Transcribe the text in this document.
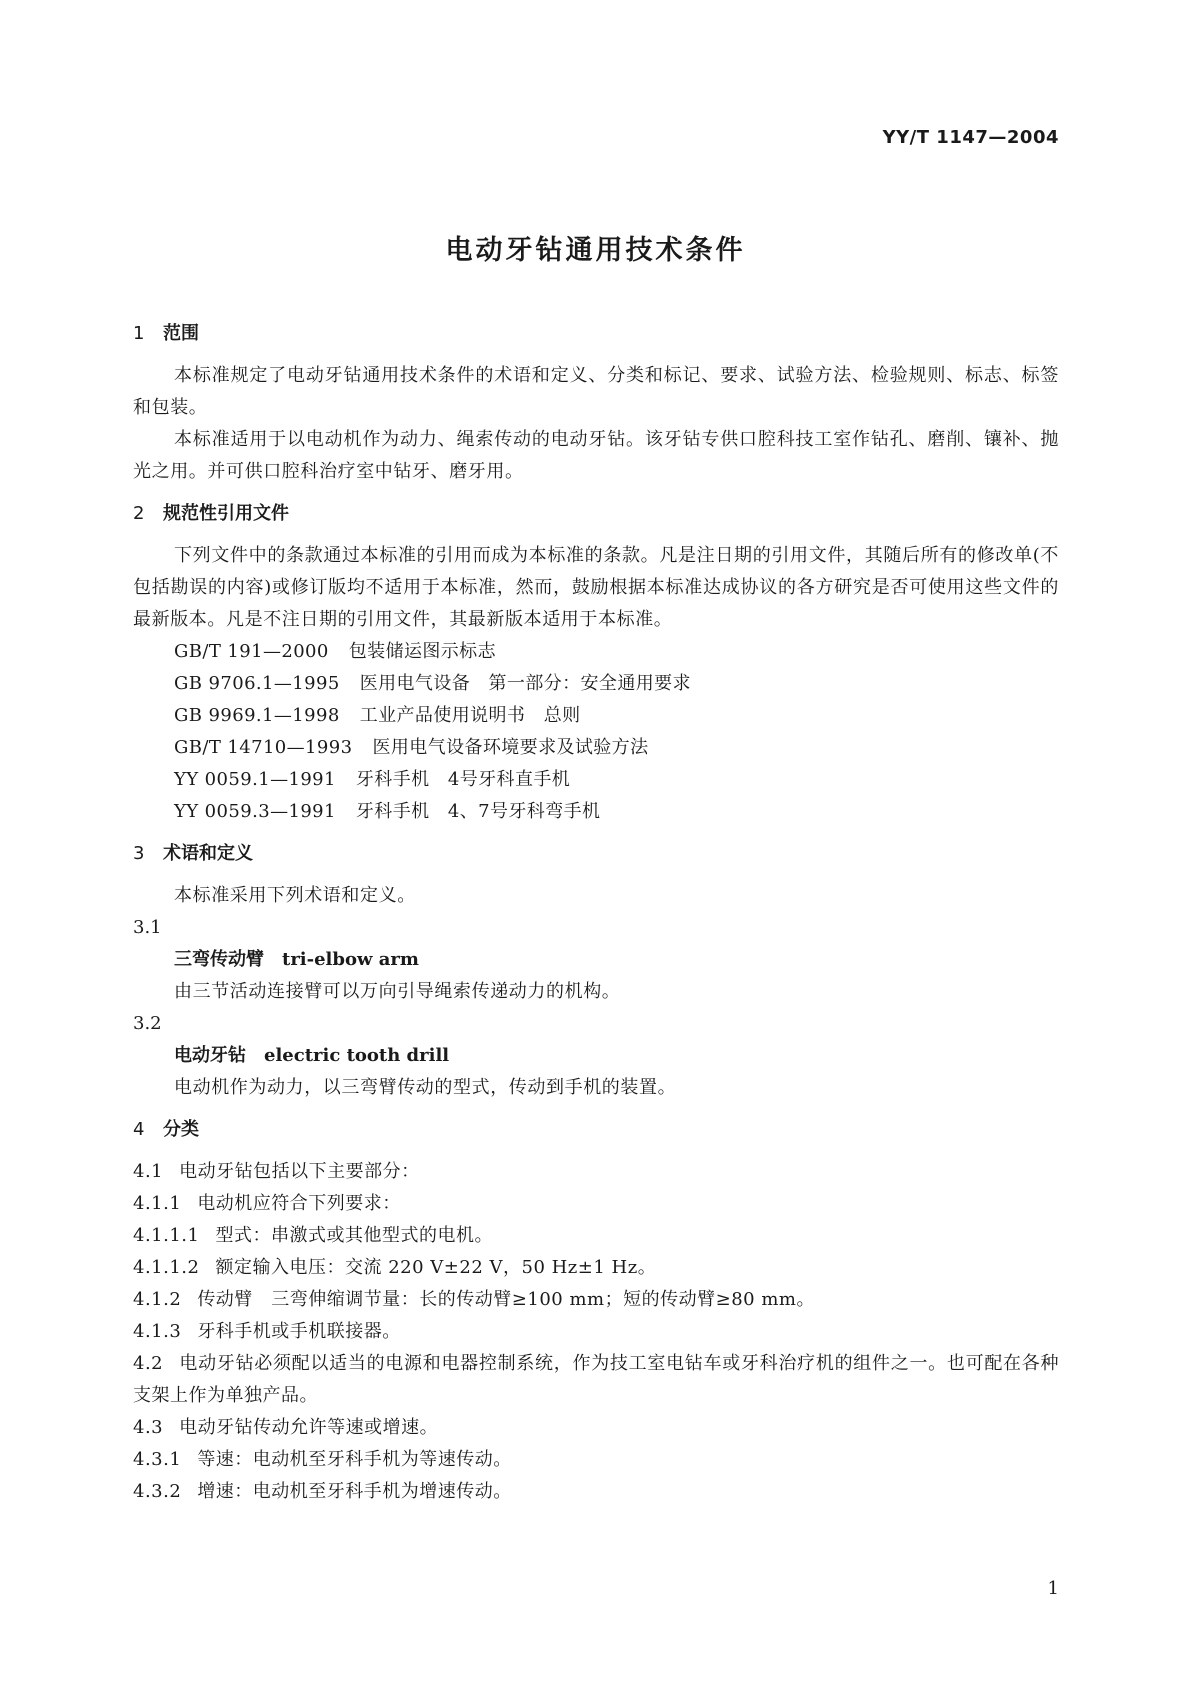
YY/T 1147—2004
电动牙钻通用技术条件
1 范围

本标准规定了电动牙钻通用技术条件的术语和定义、分类和标记、要求、试验方法、检验规则、标志、标签和包装。

本标准适用于以电动机作为动力、绳索传动的电动牙钻。该牙钻专供口腔科技工室作钻孔、磨削、镶补、抛光之用。并可供口腔科治疗室中钻牙、磨牙用。

2 规范性引用文件

下列文件中的条款通过本标准的引用而成为本标准的条款。凡是注日期的引用文件，其随后所有的修改单(不包括勘误的内容)或修订版均不适用于本标准，然而，鼓励根据本标准达成协议的各方研究是否可使用这些文件的最新版本。凡是不注日期的引用文件，其最新版本适用于本标准。

GB/T 191—2000 包装储运图示标志

GB 9706.1—1995 医用电气设备　第一部分：安全通用要求

GB 9969.1—1998 工业产品使用说明书　总则

GB/T 14710—1993 医用电气设备环境要求及试验方法

YY 0059.1—1991 牙科手机　4号牙科直手机

YY 0059.3—1991 牙科手机　4、7号牙科弯手机

3 术语和定义

本标准采用下列术语和定义。

3.1

三弯传动臂 tri-elbow arm

由三节活动连接臂可以万向引导绳索传递动力的机构。

3.2

电动牙钻 electric tooth drill

电动机作为动力，以三弯臂传动的型式，传动到手机的装置。

4 分类

4.1 电动牙钻包括以下主要部分：

4.1.1 电动机应符合下列要求：

4.1.1.1 型式：串激式或其他型式的电机。

4.1.1.2 额定输入电压：交流 220 V±22 V，50 Hz±1 Hz。

4.1.2 传动臂　三弯伸缩调节量：长的传动臂≥100 mm；短的传动臂≥80 mm。

4.1.3 牙科手机或手机联接器。

4.2 电动牙钻必须配以适当的电源和电器控制系统，作为技工室电钻车或牙科治疗机的组件之一。也可配在各种支架上作为单独产品。

4.3 电动牙钻传动允许等速或增速。

4.3.1 等速：电动机至牙科手机为等速传动。

4.3.2 增速：电动机至牙科手机为增速传动。

1
